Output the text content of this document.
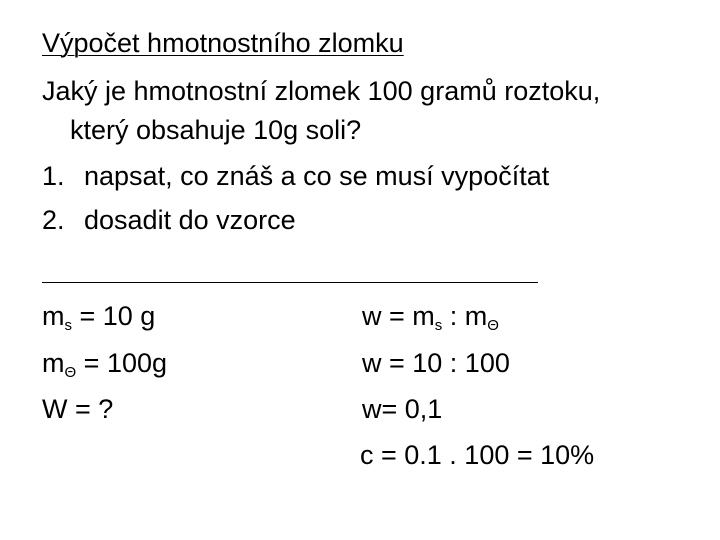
Výpočet hmotnostního zlomku
Jaký je hmotnostní zlomek 100 gramů roztoku,
který obsahuje 10g soli?
1. napsat, co znáš a co se musí vypočítat
2. dosadit do vzorce
$m_s = 10$ g
$m_\Theta = 100g$
W = ?
$w = m_s$ : $m_\Theta$
w = 10 : 100
w= 0,1
c = 0.1 . 100 = 10%
